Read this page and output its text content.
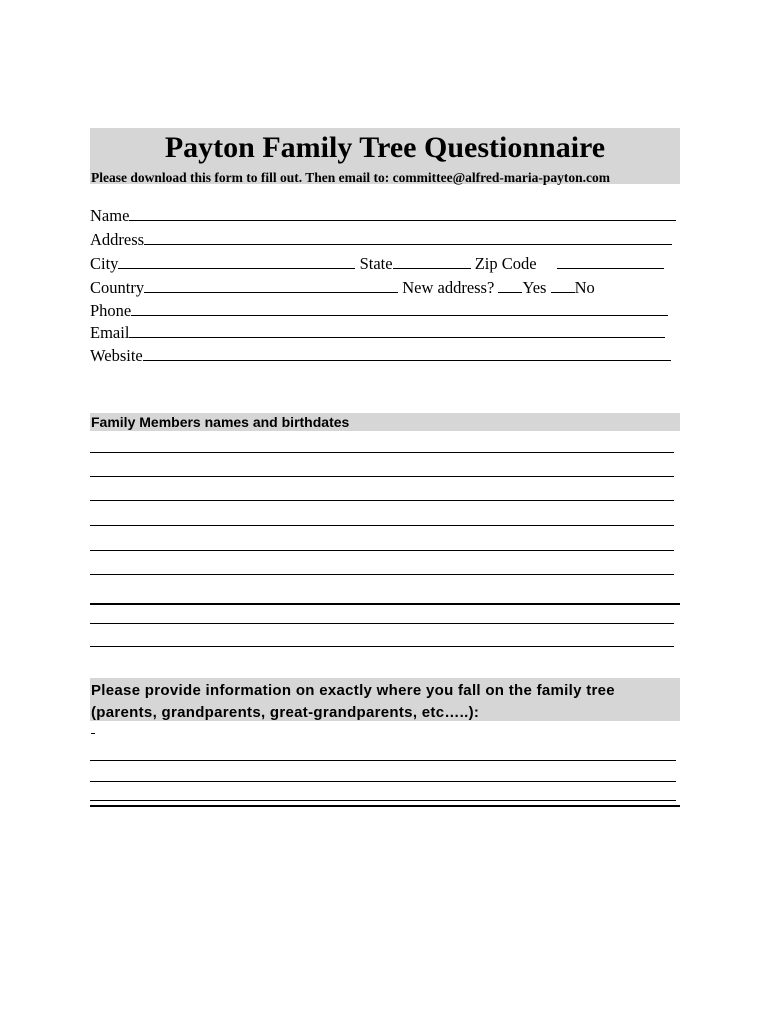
Payton Family Tree Questionnaire
Please download this form to fill out. Then email to: committee@alfred-maria-payton.com
Name
Address
City	State	Zip Code
Country	New address? Yes No
Phone
Email
Website
Family Members names and birthdates
Please provide information on exactly where you fall on the family tree
(parents, grandparents, great-grandparents, etc…..):
